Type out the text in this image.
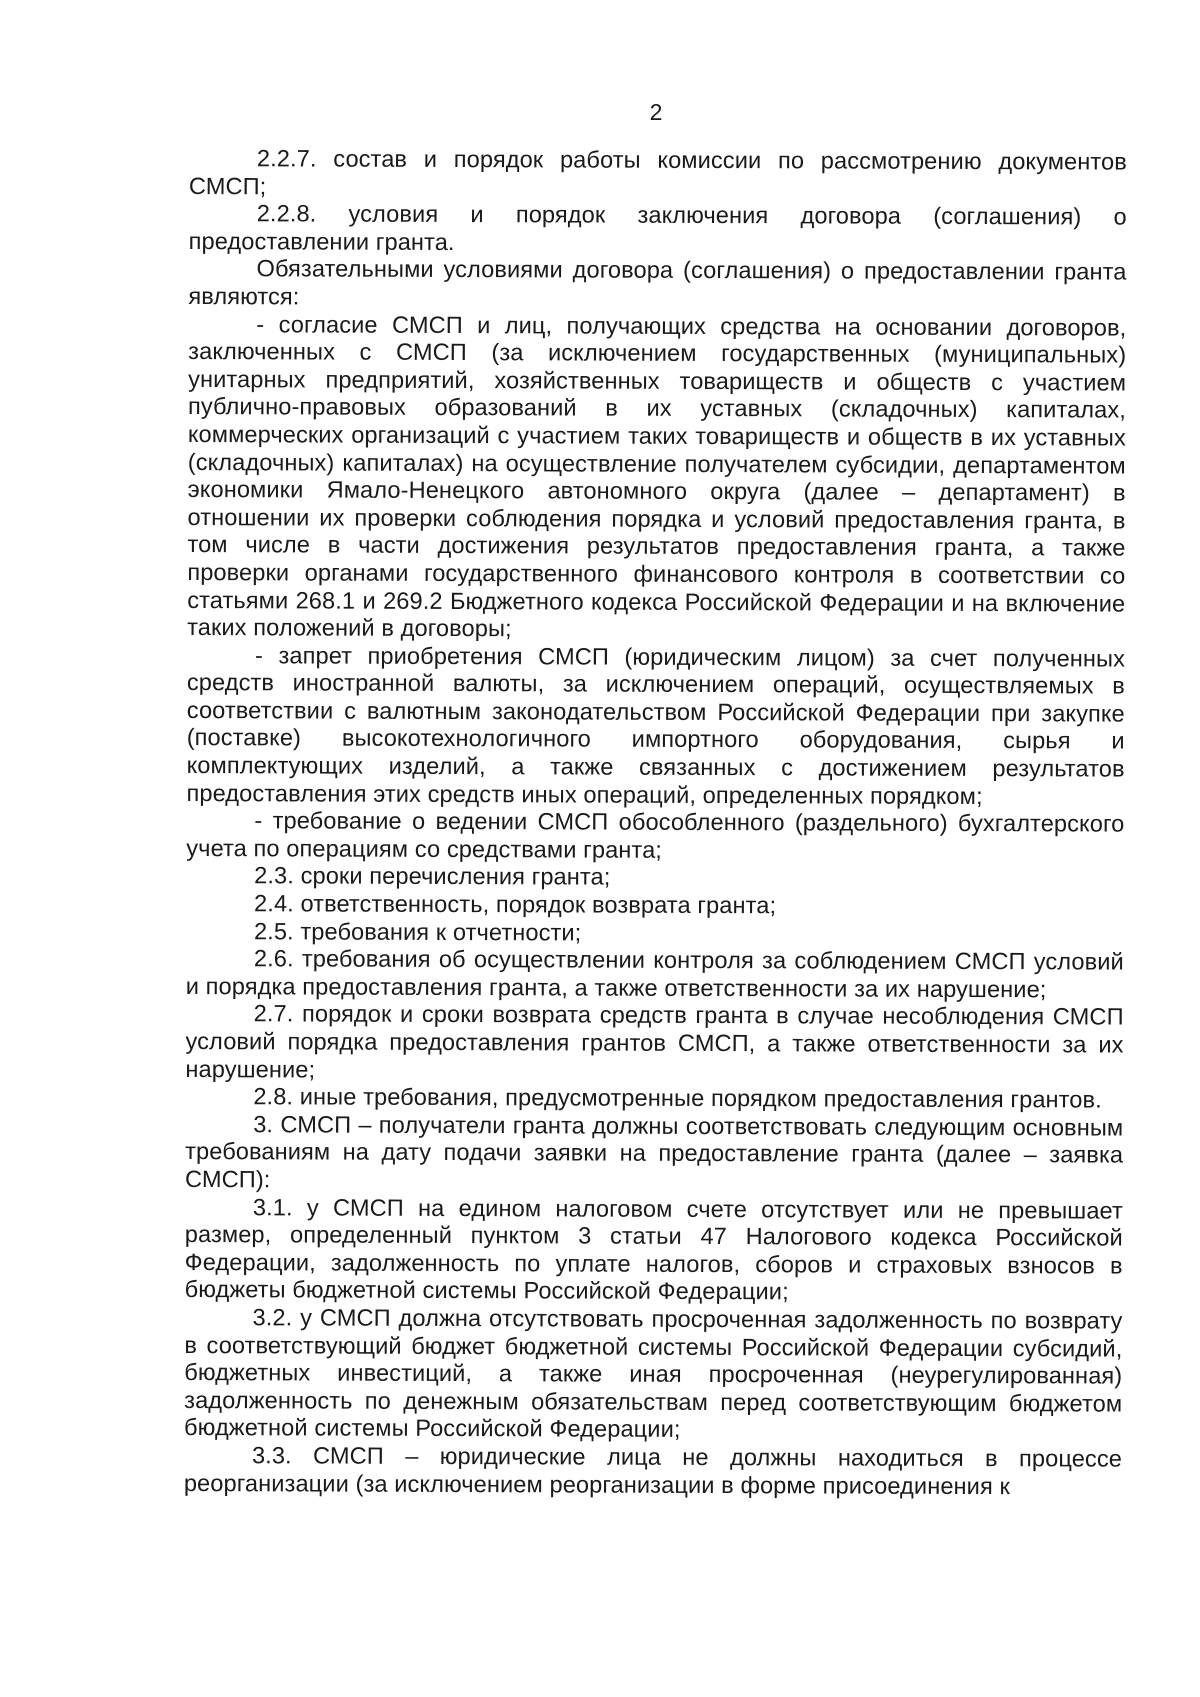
2

2.2.7. состав и порядок работы комиссии по рассмотрению документов СМСП;

2.2.8. условия и порядок заключения договора (соглашения) о предоставлении гранта.

Обязательными условиями договора (соглашения) о предоставлении гранта являются:

- согласие СМСП и лиц, получающих средства на основании договоров, заключенных с СМСП (за исключением государственных (муниципальных) унитарных предприятий, хозяйственных товариществ и обществ с участием публично-правовых образований в их уставных (складочных) капиталах, коммерческих организаций с участием таких товариществ и обществ в их уставных (складочных) капиталах) на осуществление получателем субсидии, департаментом экономики Ямало-Ненецкого автономного округа (далее – департамент) в отношении их проверки соблюдения порядка и условий предоставления гранта, в том числе в части достижения результатов предоставления гранта, а также проверки органами государственного финансового контроля в соответствии со статьями 268.1 и 269.2 Бюджетного кодекса Российской Федерации и на включение таких положений в договоры;

- запрет приобретения СМСП (юридическим лицом) за счет полученных средств иностранной валюты, за исключением операций, осуществляемых в соответствии с валютным законодательством Российской Федерации при закупке (поставке) высокотехнологичного импортного оборудования, сырья и комплектующих изделий, а также связанных с достижением результатов предоставления этих средств иных операций, определенных порядком;

- требование о ведении СМСП обособленного (раздельного) бухгалтерского учета по операциям со средствами гранта;

2.3. сроки перечисления гранта;

2.4. ответственность, порядок возврата гранта;

2.5. требования к отчетности;

2.6. требования об осуществлении контроля за соблюдением СМСП условий и порядка предоставления гранта, а также ответственности за их нарушение;

2.7. порядок и сроки возврата средств гранта в случае несоблюдения СМСП условий порядка предоставления грантов СМСП, а также ответственности за их нарушение;

2.8. иные требования, предусмотренные порядком предоставления грантов.

3. СМСП – получатели гранта должны соответствовать следующим основным требованиям на дату подачи заявки на предоставление гранта (далее – заявка СМСП):

3.1. у СМСП на едином налоговом счете отсутствует или не превышает размер, определенный пунктом 3 статьи 47 Налогового кодекса Российской Федерации, задолженность по уплате налогов, сборов и страховых взносов в бюджеты бюджетной системы Российской Федерации;

3.2. у СМСП должна отсутствовать просроченная задолженность по возврату в соответствующий бюджет бюджетной системы Российской Федерации субсидий, бюджетных инвестиций, а также иная просроченная (неурегулированная) задолженность по денежным обязательствам перед соответствующим бюджетом бюджетной системы Российской Федерации;

3.3. СМСП – юридические лица не должны находиться в процессе реорганизации (за исключением реорганизации в форме присоединения к
